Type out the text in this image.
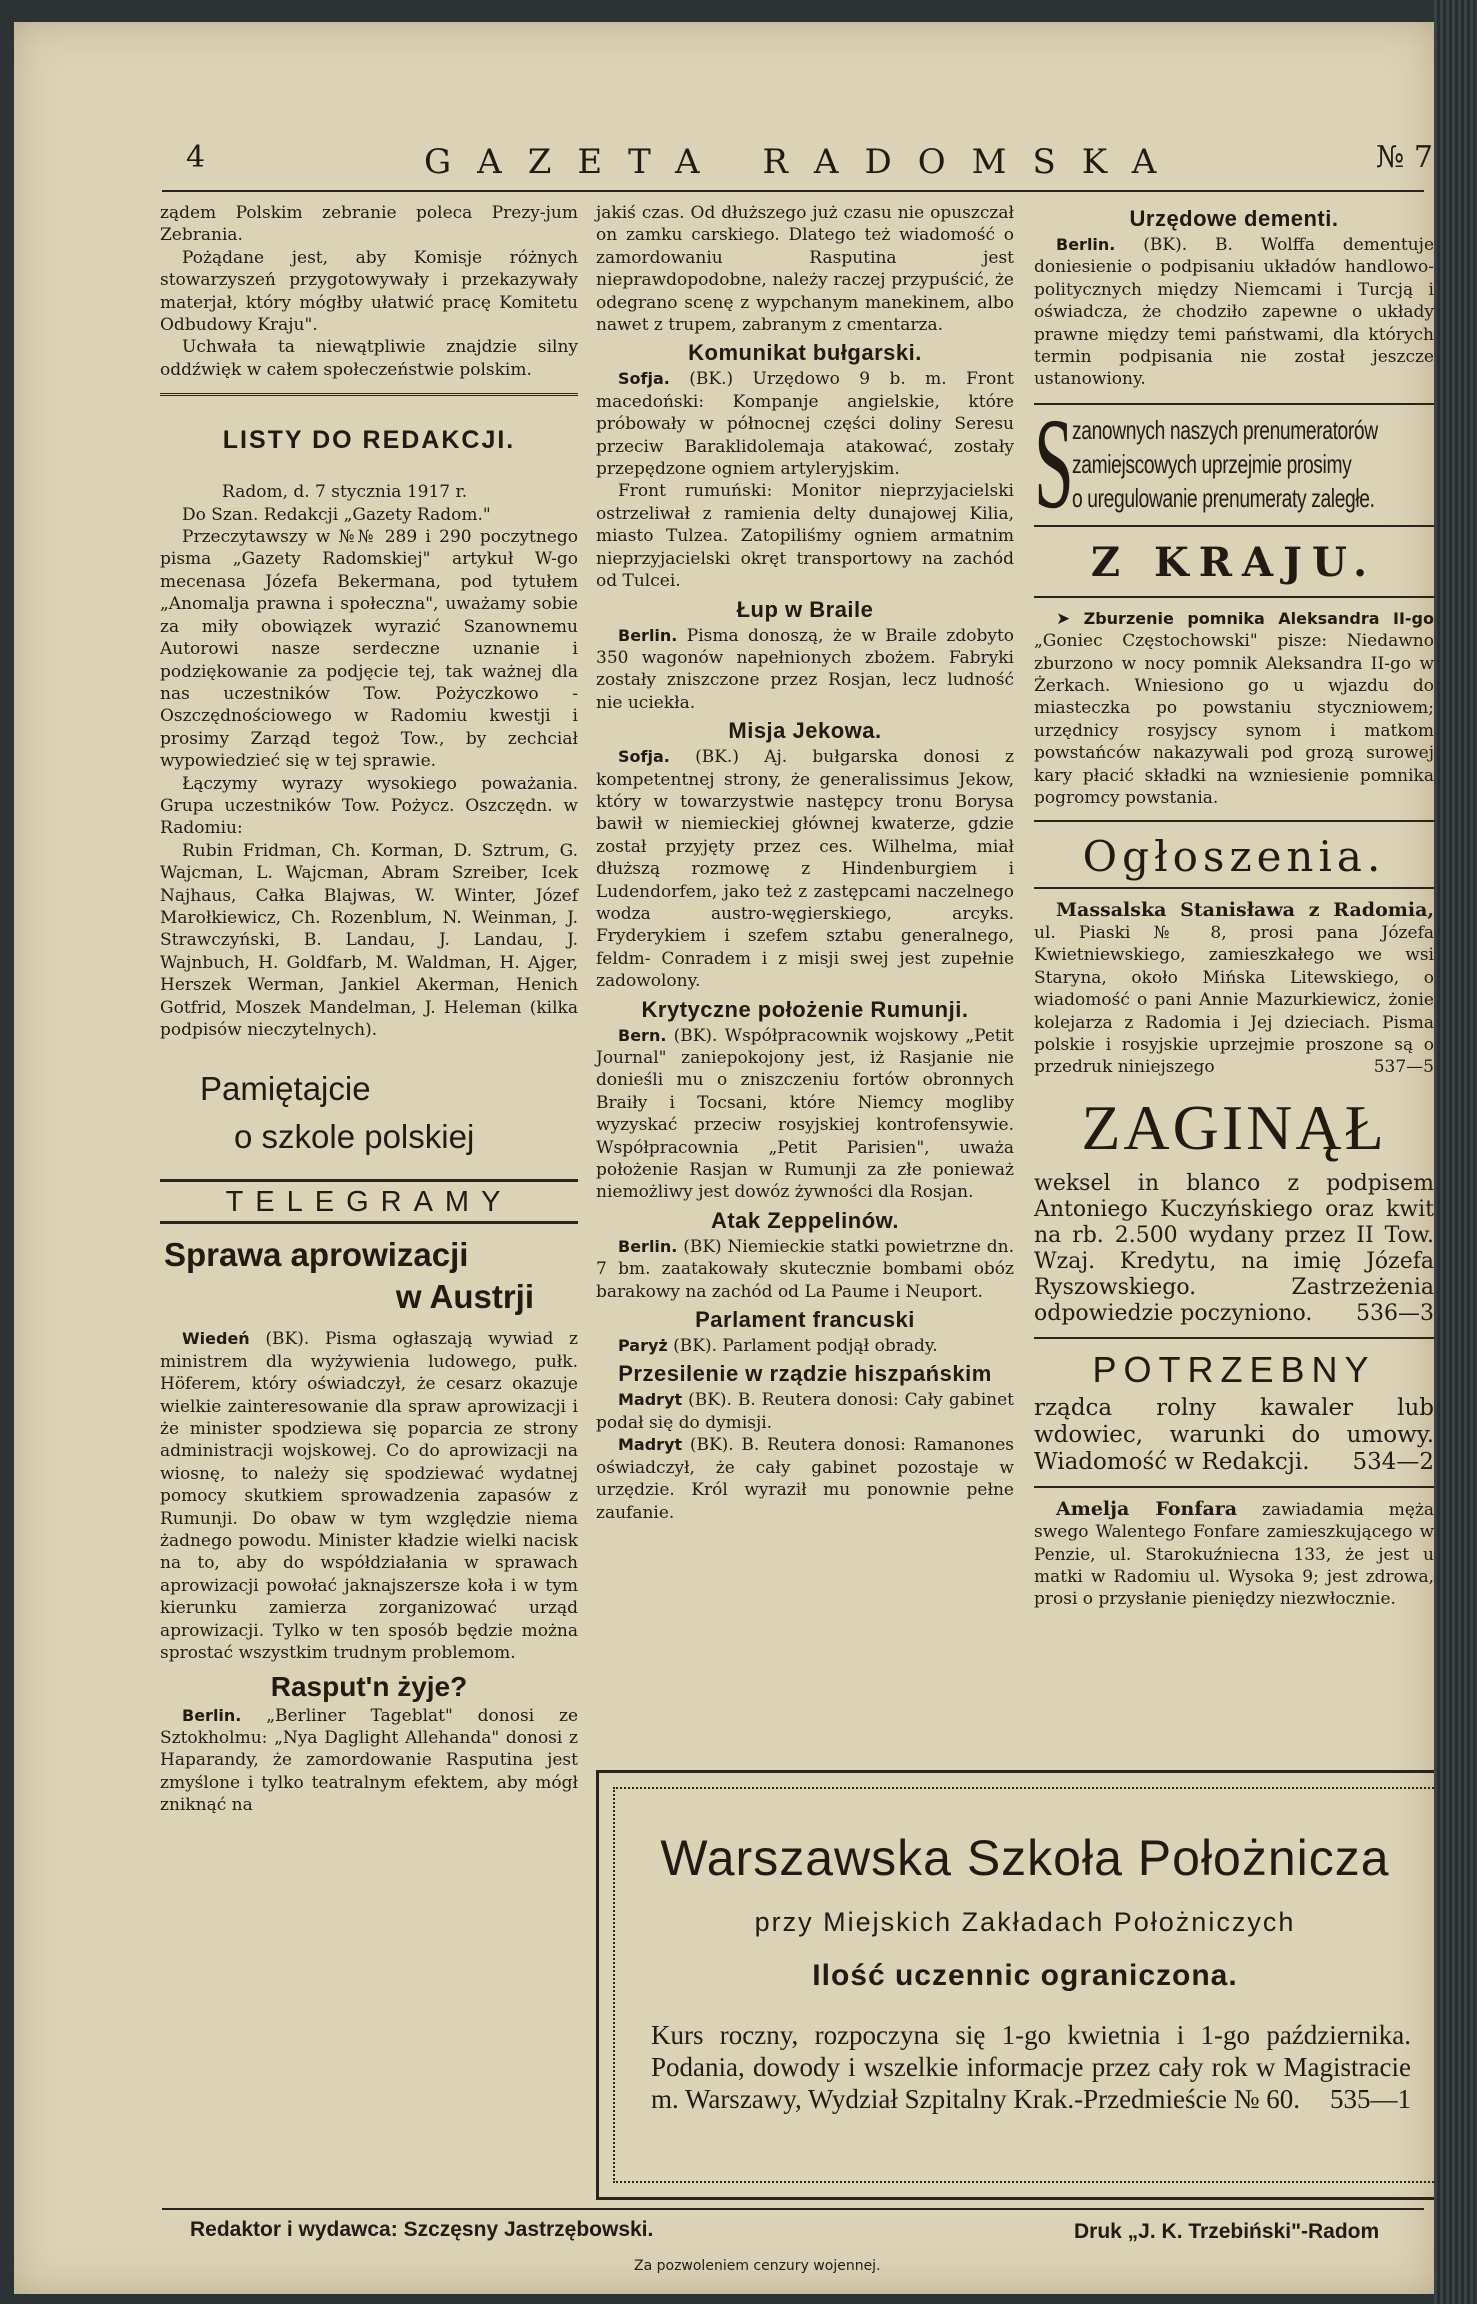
4	GAZETA RADOMSKA	№ 7

ządem Polskim zebranie poleca Prezy-jum Zebrania.

Pożądane jest, aby Komisje różnych stowarzyszeń przygotowywały i przekazywały materjał, który mógłby ułatwić pracę Komitetu Odbudowy Kraju".

Uchwała ta niewątpliwie znajdzie silny oddźwięk w całem społeczeństwie polskim.

LISTY DO REDAKCJI.

Radom, d. 7 stycznia 1917 r.

Do Szan. Redakcji „Gazety Radom."

Przeczytawszy w №№ 289 i 290 poczytnego pisma „Gazety Radomskiej" artykuł W-go mecenasa Józefa Bekermana, pod tytułem „Anomalja prawna i społeczna", uważamy sobie za miły obowiązek wyrazić Szanownemu Autorowi nasze serdeczne uznanie i podziękowanie za podjęcie tej, tak ważnej dla nas uczestników Tow. Pożyczkowo - Oszczędnościowego w Radomiu kwestji i prosimy Zarząd tegoż Tow., by zechciał wypowiedzieć się w tej sprawie.

Łączymy wyrazy wysokiego poważania. Grupa uczestników Tow. Pożycz. Oszczędn. w Radomiu:

Rubin Fridman, Ch. Korman, D. Sztrum, G. Wajcman, L. Wajcman, Abram Szreiber, Icek Najhaus, Całka Blajwas, W. Winter, Józef Marołkiewicz, Ch. Rozenblum, N. Weinman, J. Strawczyński, B. Landau, J. Landau, J. Wajnbuch, H. Goldfarb, M. Waldman, H. Ajger, Herszek Werman, Jankiel Akerman, Henich Gotfrid, Moszek Mandelman, J. Heleman (kilka podpisów nieczytelnych).

Pamiętajcie
o szkole polskiej
TELEGRAMY
Sprawa aprowizacji
w Austrji

Wiedeń (BK). Pisma ogłaszają wywiad z ministrem dla wyżywienia ludowego, pułk. Höferem, który oświadczył, że cesarz okazuje wielkie zainteresowanie dla spraw aprowizacji i że minister spodziewa się poparcia ze strony administracji wojskowej. Co do aprowizacji na wiosnę, to należy się spodziewać wydatnej pomocy skutkiem sprowadzenia zapasów z Rumunji. Do obaw w tym względzie niema żadnego powodu. Minister kładzie wielki nacisk na to, aby do współdziałania w sprawach aprowizacji powołać jaknajszersze koła i w tym kierunku zamierza zorganizować urząd aprowizacji. Tylko w ten sposób będzie można sprostać wszystkim trudnym problemom.

Rasput'n żyje?

Berlin. „Berliner Tageblat" donosi ze Sztokholmu: „Nya Daglight Allehanda" donosi z Haparandy, że zamordowanie Rasputina jest zmyślone i tylko teatralnym efektem, aby mógł zniknąć na

jakiś czas. Od dłuższego już czasu nie opuszczał on zamku carskiego. Dlatego też wiadomość o zamordowaniu Rasputina jest nieprawdopodobne, należy raczej przypuścić, że odegrano scenę z wypchanym manekinem, albo nawet z trupem, zabranym z cmentarza.

Komunikat bułgarski.

Sofja. (BK.) Urzędowo 9 b. m. Front macedoński: Kompanje angielskie, które próbowały w północnej części doliny Seresu przeciw Baraklidolemaja atakować, zostały przepędzone ogniem artyleryjskim.

Front rumuński: Monitor nieprzyjacielski ostrzeliwał z ramienia delty dunajowej Kilia, miasto Tulzea. Zatopiliśmy ogniem armatnim nieprzyjacielski okręt transportowy na zachód od Tulcei.

Łup w Braile

Berlin. Pisma donoszą, że w Braile zdobyto 350 wagonów napełnionych zbożem. Fabryki zostały zniszczone przez Rosjan, lecz ludność nie uciekła.

Misja Jekowa.

Sofja. (BK.) Aj. bułgarska donosi z kompetentnej strony, że generalissimus Jekow, który w towarzystwie następcy tronu Borysa bawił w niemieckiej głównej kwaterze, gdzie został przyjęty przez ces. Wilhelma, miał dłuższą rozmowę z Hindenburgiem i Ludendorfem, jako też z zastępcami naczelnego wodza austro-węgierskiego, arcyks. Fryderykiem i szefem sztabu generalnego, feldm- Conradem i z misji swej jest zupełnie zadowolony.

Krytyczne położenie Rumunji.

Bern. (BK). Współpracownik wojskowy „Petit Journal" zaniepokojony jest, iż Rasjanie nie donieśli mu o zniszczeniu fortów obronnych Braiły i Tocsani, które Niemcy mogliby wyzyskać przeciw rosyjskiej kontrofensywie. Współpracownia „Petit Parisien", uważa położenie Rasjan w Rumunji za złe ponieważ niemożliwy jest dowóz żywności dla Rosjan.

Atak Zeppelinów.

Berlin. (BK) Niemieckie statki powietrzne dn. 7 bm. zaatakowały skutecznie bombami obóz barakowy na zachód od La Paume i Neuport.

Parlament francuski

Paryż (BK). Parlament podjął obrady.

Przesilenie w rządzie hiszpańskim

Madryt (BK). B. Reutera donosi: Cały gabinet podał się do dymisji.

Madryt (BK). B. Reutera donosi: Ramanones oświadczył, że cały gabinet pozostaje w urzędzie. Król wyraził mu ponownie pełne zaufanie.

Urzędowe dementi.

Berlin. (BK). B. Wolffa dementuje doniesienie o podpisaniu układów handlowo-politycznych między Niemcami i Turcją i oświadcza, że chodziło zapewne o układy prawne między temi państwami, dla których termin podpisania nie został jeszcze ustanowiony.

S
zanownych naszych prenumeratorów
zamiejscowych uprzejmie prosimy
o uregulowanie prenumeraty zaległe.
Z KRAJU.

➤ Zburzenie pomnika Aleksandra II-go „Goniec Częstochowski" pisze: Niedawno zburzono w nocy pomnik Aleksandra II-go w Żerkach. Wniesiono go u wjazdu do miasteczka po powstaniu styczniowem; urzędnicy rosyjscy synom i matkom powstańców nakazywali pod grozą surowej kary płacić składki na wzniesienie pomnika pogromcy powstania.

Ogłoszenia.

Massalska Stanisława z Radomia, ul. Piaski № 8, prosi pana Józefa Kwietniewskiego, zamieszkałego we wsi Staryna, około Mińska Litewskiego, o wiadomość o pani Annie Mazurkiewicz, żonie kolejarza z Radomia i Jej dzieciach. Pisma polskie i rosyjskie uprzejmie proszone są o przedruk niniejszego	537—5

ZAGINĄŁ

weksel in blanco z podpisem Antoniego Kuczyńskiego oraz kwit na rb. 2.500 wydany przez II Tow. Wzaj. Kredytu, na imię Józefa Ryszowskiego. Zastrzeżenia odpowiedzie poczyniono. 536—3

POTRZEBNY

rządca rolny kawaler lub wdowiec, warunki do umowy. Wiadomość w Redakcji. 534—2

Amelja Fonfara zawiadamia męża swego Walentego Fonfare zamieszkującego w Penzie, ul. Starokuźniecna 133, że jest u matki w Radomiu ul. Wysoka 9; jest zdrowa, prosi o przysłanie pieniędzy niezwłocznie.

Warszawska Szkoła Położnicza
przy Miejskich Zakładach Położniczych
Ilość uczennic ograniczona.
Kurs roczny, rozpoczyna się 1-go kwietnia i 1-go października. Podania, dowody i wszelkie informacje przez cały rok w Magistracie m. Warszawy, Wydział Szpitalny Krak.-Przedmieście № 60. 535—1
Redaktor i wydawca: Szczęsny Jastrzębowski.	Druk „J. K. Trzebiński"-Radom
Za pozwoleniem cenzury wojennej.
